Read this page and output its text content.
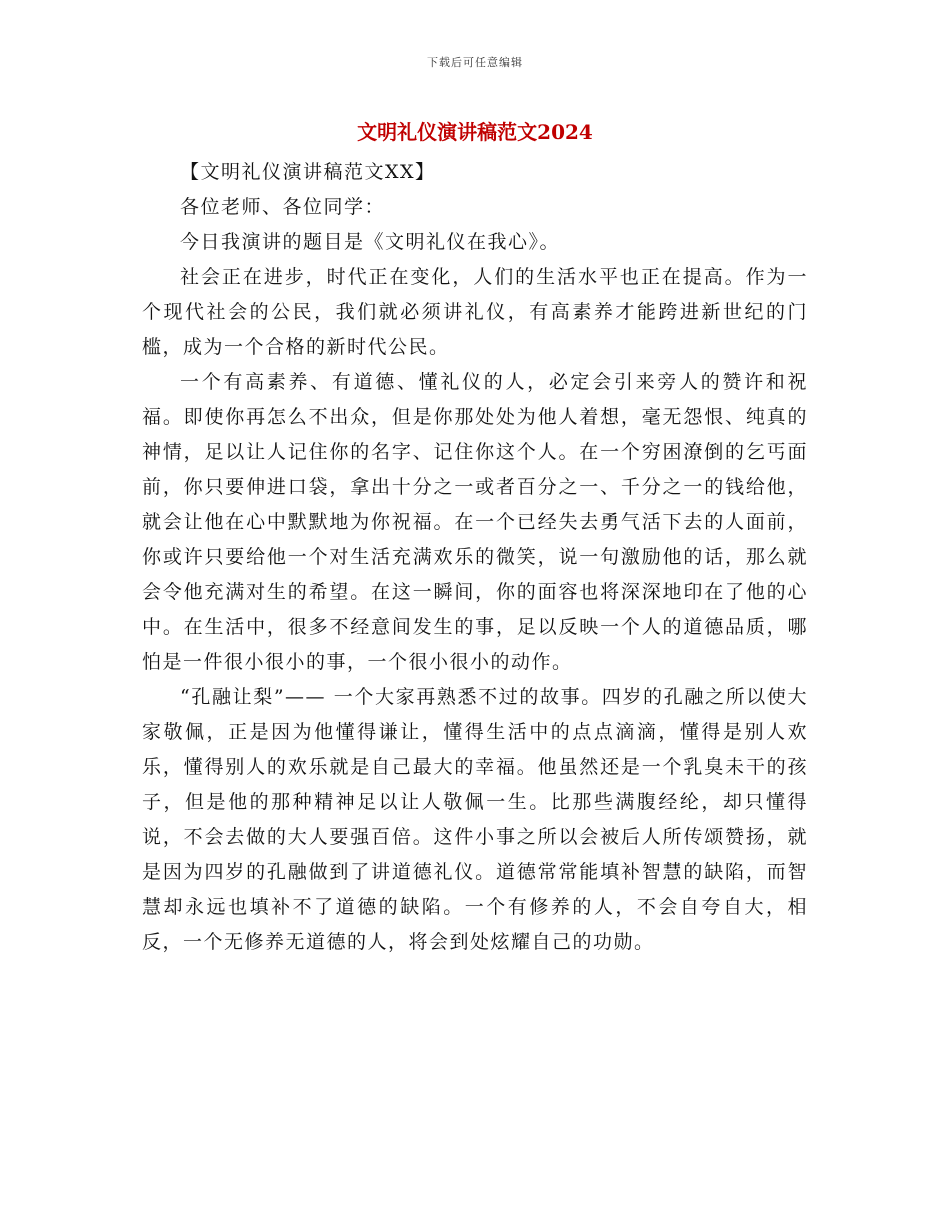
下载后可任意编辑
文明礼仪演讲稿范文2024

【文明礼仪演讲稿范文XX】

各位老师、各位同学：

今日我演讲的题目是《文明礼仪在我心》。

社会正在进步，时代正在变化，人们的生活水平也正在提高。作为一个现代社会的公民，我们就必须讲礼仪，有高素养才能跨进新世纪的门槛，成为一个合格的新时代公民。

一个有高素养、有道德、懂礼仪的人，必定会引来旁人的赞许和祝福。即使你再怎么不出众，但是你那处处为他人着想，毫无怨恨、纯真的神情，足以让人记住你的名字、记住你这个人。在一个穷困潦倒的乞丐面前，你只要伸进口袋，拿出十分之一或者百分之一、千分之一的钱给他，就会让他在心中默默地为你祝福。在一个已经失去勇气活下去的人面前，你或许只要给他一个对生活充满欢乐的微笑，说一句激励他的话，那么就会令他充满对生的希望。在这一瞬间，你的面容也将深深地印在了他的心中。在生活中，很多不经意间发生的事，足以反映一个人的道德品质，哪怕是一件很小很小的事，一个很小很小的动作。

“孔融让梨”—— 一个大家再熟悉不过的故事。四岁的孔融之所以使大家敬佩，正是因为他懂得谦让，懂得生活中的点点滴滴，懂得是别人欢乐，懂得别人的欢乐就是自己最大的幸福。他虽然还是一个乳臭未干的孩子，但是他的那种精神足以让人敬佩一生。比那些满腹经纶，却只懂得说，不会去做的大人要强百倍。这件小事之所以会被后人所传颂赞扬，就是因为四岁的孔融做到了讲道德礼仪。道德常常能填补智慧的缺陷，而智慧却永远也填补不了道德的缺陷。一个有修养的人，不会自夸自大，相反，一个无修养无道德的人，将会到处炫耀自己的功勋。
